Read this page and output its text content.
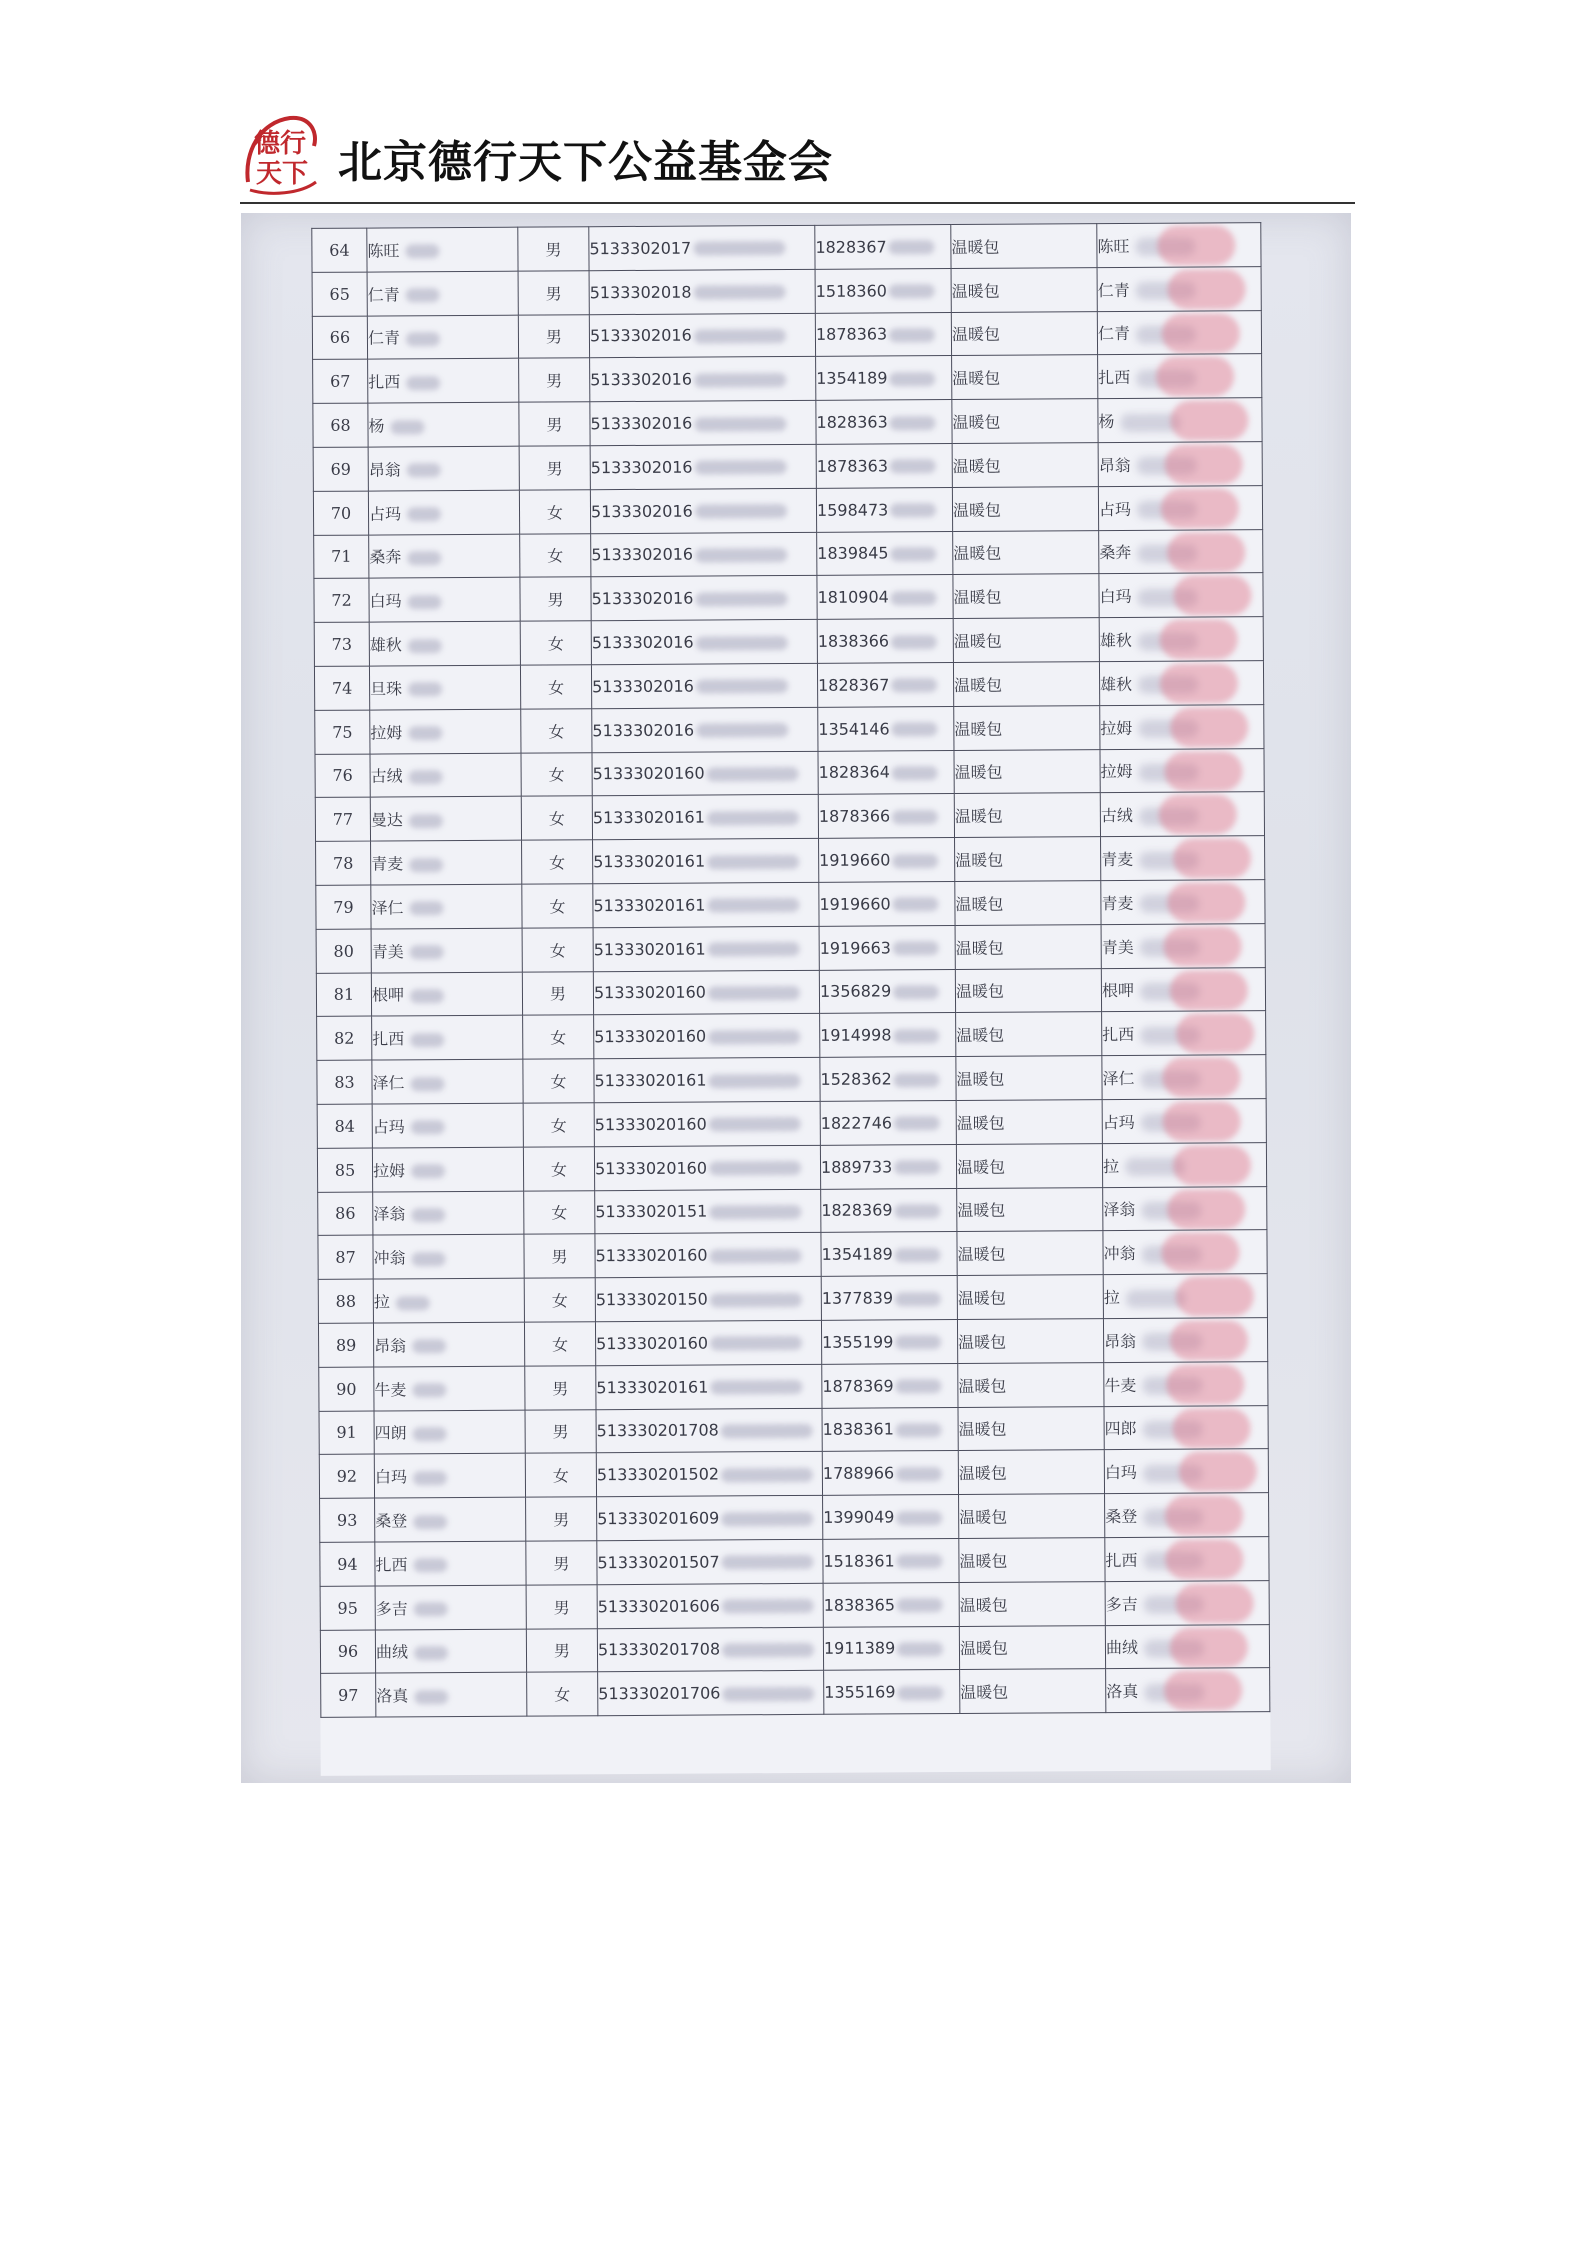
德行
天下 北京德行天下公益基金会
64	陈旺	男	5133302017	1828367	温暖包	陈旺

65	仁青	男	5133302018	1518360	温暖包	仁青

66	仁青	男	5133302016	1878363	温暖包	仁青

67	扎西	男	5133302016	1354189	温暖包	扎西

68	杨	男	5133302016	1828363	温暖包	杨

69	昂翁	男	5133302016	1878363	温暖包	昂翁

70	占玛	女	5133302016	1598473	温暖包	占玛

71	桑奔	女	5133302016	1839845	温暖包	桑奔

72	白玛	男	5133302016	1810904	温暖包	白玛

73	雄秋	女	5133302016	1838366	温暖包	雄秋

74	旦珠	女	5133302016	1828367	温暖包	雄秋

75	拉姆	女	5133302016	1354146	温暖包	拉姆

76	古绒	女	51333020160	1828364	温暖包	拉姆

77	曼达	女	51333020161	1878366	温暖包	古绒

78	青麦	女	51333020161	1919660	温暖包	青麦

79	泽仁	女	51333020161	1919660	温暖包	青麦

80	青美	女	51333020161	1919663	温暖包	青美

81	根呷	男	51333020160	1356829	温暖包	根呷

82	扎西	女	51333020160	1914998	温暖包	扎西

83	泽仁	女	51333020161	1528362	温暖包	泽仁

84	占玛	女	51333020160	1822746	温暖包	占玛

85	拉姆	女	51333020160	1889733	温暖包	拉

86	泽翁	女	51333020151	1828369	温暖包	泽翁

87	冲翁	男	51333020160	1354189	温暖包	冲翁

88	拉	女	51333020150	1377839	温暖包	拉

89	昂翁	女	51333020160	1355199	温暖包	昂翁

90	牛麦	男	51333020161	1878369	温暖包	牛麦

91	四朗	男	513330201708	1838361	温暖包	四郎

92	白玛	女	513330201502	1788966	温暖包	白玛

93	桑登	男	513330201609	1399049	温暖包	桑登

94	扎西	男	513330201507	1518361	温暖包	扎西

95	多吉	男	513330201606	1838365	温暖包	多吉

96	曲绒	男	513330201708	1911389	温暖包	曲绒

97	洛真	女	513330201706	1355169	温暖包	洛真
